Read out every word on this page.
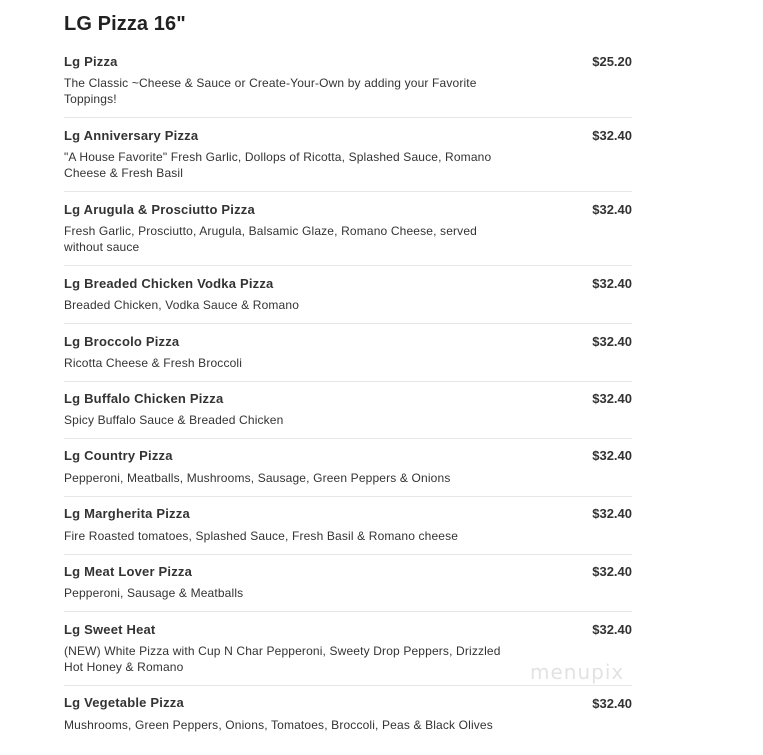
LG Pizza 16"
Lg Pizza	$25.20
The Classic ~Cheese & Sauce or Create-Your-Own by adding your Favorite Toppings!
Lg Anniversary Pizza	$32.40
"A House Favorite" Fresh Garlic, Dollops of Ricotta, Splashed Sauce, Romano Cheese & Fresh Basil
Lg Arugula & Prosciutto Pizza	$32.40
Fresh Garlic, Prosciutto, Arugula, Balsamic Glaze, Romano Cheese, served without sauce
Lg Breaded Chicken Vodka Pizza	$32.40
Breaded Chicken, Vodka Sauce & Romano
Lg Broccolo Pizza	$32.40
Ricotta Cheese & Fresh Broccoli
Lg Buffalo Chicken Pizza	$32.40
Spicy Buffalo Sauce & Breaded Chicken
Lg Country Pizza	$32.40
Pepperoni, Meatballs, Mushrooms, Sausage, Green Peppers & Onions
Lg Margherita Pizza	$32.40
Fire Roasted tomatoes, Splashed Sauce, Fresh Basil & Romano cheese
Lg Meat Lover Pizza	$32.40
Pepperoni, Sausage & Meatballs
Lg Sweet Heat	$32.40
(NEW) White Pizza with Cup N Char Pepperoni, Sweety Drop Peppers, Drizzled Hot Honey & Romano
Lg Vegetable Pizza	$32.40
Mushrooms, Green Peppers, Onions, Tomatoes, Broccoli, Peas & Black Olives
menupix
